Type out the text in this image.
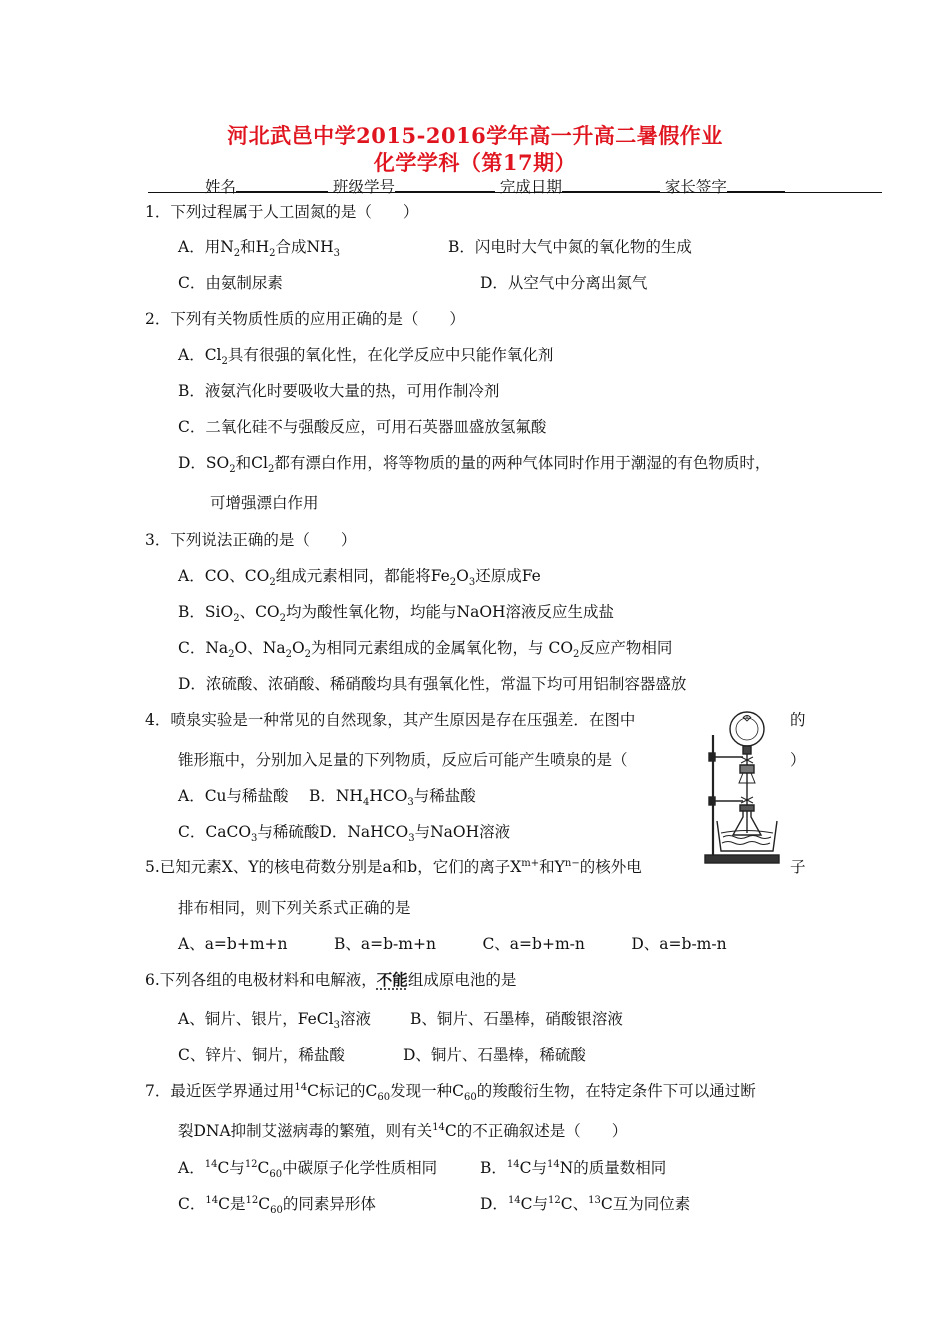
河北武邑中学2015-2016学年高一升高二暑假作业
化学学科（第17期）
姓名	班级学号	完成日期	家长签字
1．下列过程属于人工固氮的是（　　）
A．用$N_2$和$H_2$合成$NH_3$	B．闪电时大气中氮的氧化物的生成
C．由氨制尿素	D．从空气中分离出氮气
2．下列有关物质性质的应用正确的是（　　）
A．$Cl_2$具有很强的氧化性，在化学反应中只能作氧化剂
B．液氨汽化时要吸收大量的热，可用作制冷剂
C．二氧化硅不与强酸反应，可用石英器皿盛放氢氟酸
D．$SO_2$和$Cl_2$都有漂白作用，将等物质的量的两种气体同时作用于潮湿的有色物质时，
可增强漂白作用
3．下列说法正确的是（　　）
A．CO、$CO_2$组成元素相同，都能将$Fe_2O_3$还原成Fe
B．SiO$_2$、$CO_2$均为酸性氧化物，均能与NaOH溶液反应生成盐
C．$Na_2O$、$Na_2O_2$为相同元素组成的金属氧化物，与 $CO_2$反应产物相同
D．浓硫酸、浓硝酸、稀硝酸均具有强氧化性，常温下均可用铝制容器盛放
4．喷泉实验是一种常见的自然现象，其产生原因是存在压强差．在图中	的
锥形瓶中，分别加入足量的下列物质，反应后可能产生喷泉的是（	）
A．Cu与稀盐酸　 B．$NH_4HCO_3$与稀盐酸
C．CaCO$_3$与稀硫酸D．NaHCO$_3$与NaOH溶液
5.已知元素X、Y的核电荷数分别是a和b，它们的离子$X^{m+}$和$Y^{n-}$的核外电	子
排布相同，则下列关系式正确的是
A、a=b+m+n　　　B、a=b-m+n　　　C、a=b+m-n　　　D、a=b-m-n
6.下列各组的电极材料和电解液，不能组成原电池的是
A、铜片、银片，FeCl$_3$溶液	B、铜片、石墨棒，硝酸银溶液
C、锌片、铜片，稀盐酸	D、铜片、石墨棒，稀硫酸
7．最近医学界通过用$^{14}$C标记的$C_{60}$发现一种$C_{60}$的羧酸衍生物，在特定条件下可以通过断
裂DNA抑制艾滋病毒的繁殖，则有关$^{14}$C的不正确叙述是（　　）
A．$^{14}$C与$^{12}C_{60}$中碳原子化学性质相同	B．$^{14}$C与$^{14}$N的质量数相同
C．$^{14}$C是$^{12}C_{60}$的同素异形体	D．$^{14}$C与$^{12}$C、$^{13}$C互为同位素
